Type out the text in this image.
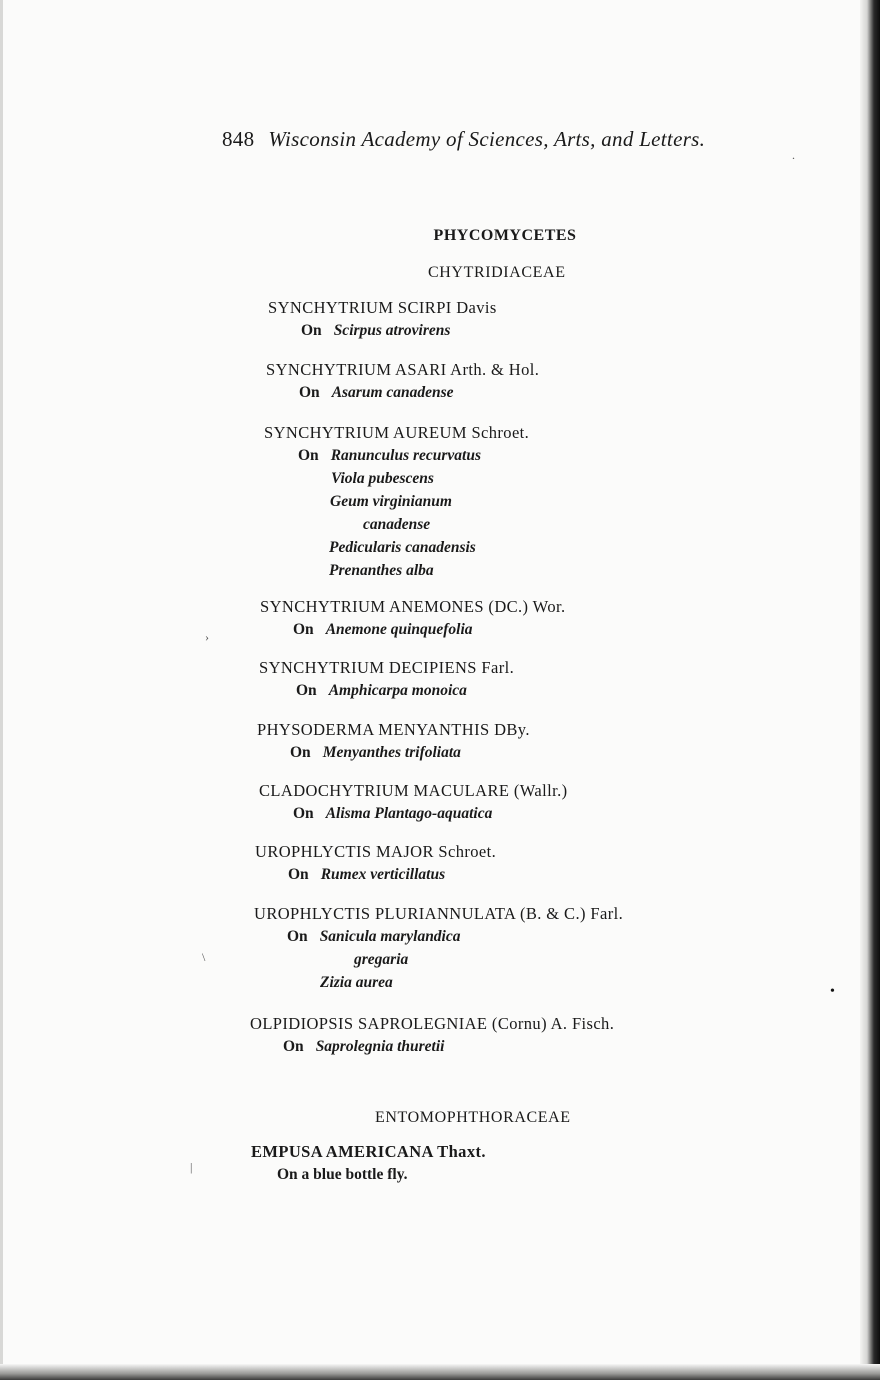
848 Wisconsin Academy of Sciences, Arts, and Letters.
PHYCOMYCETES
CHYTRIDIACEAE
SYNCHYTRIUM SCIRPI Davis
On Scirpus atrovirens
SYNCHYTRIUM ASARI Arth. & Hol.
On Asarum canadense
SYNCHYTRIUM AUREUM Schroet.
On Ranunculus recurvatus
Viola pubescens
Geum virginianum
canadense
Pedicularis canadensis
Prenanthes alba
SYNCHYTRIUM ANEMONES (DC.) Wor.
On Anemone quinquefolia
SYNCHYTRIUM DECIPIENS Farl.
On Amphicarpa monoica
PHYSODERMA MENYANTHIS DBy.
On Menyanthes trifoliata
CLADOCHYTRIUM MACULARE (Wallr.)
On Alisma Plantago-aquatica
UROPHLYCTIS MAJOR Schroet.
On Rumex verticillatus
UROPHLYCTIS PLURIANNULATA (B. & C.) Farl.
On Sanicula marylandica
gregaria
Zizia aurea
OLPIDIOPSIS SAPROLEGNIAE (Cornu) A. Fisch.
On Saprolegnia thuretii
ENTOMOPHTHORACEAE
EMPUSA AMERICANA Thaxt.
On a blue bottle fly.
.
›
\
•
|
